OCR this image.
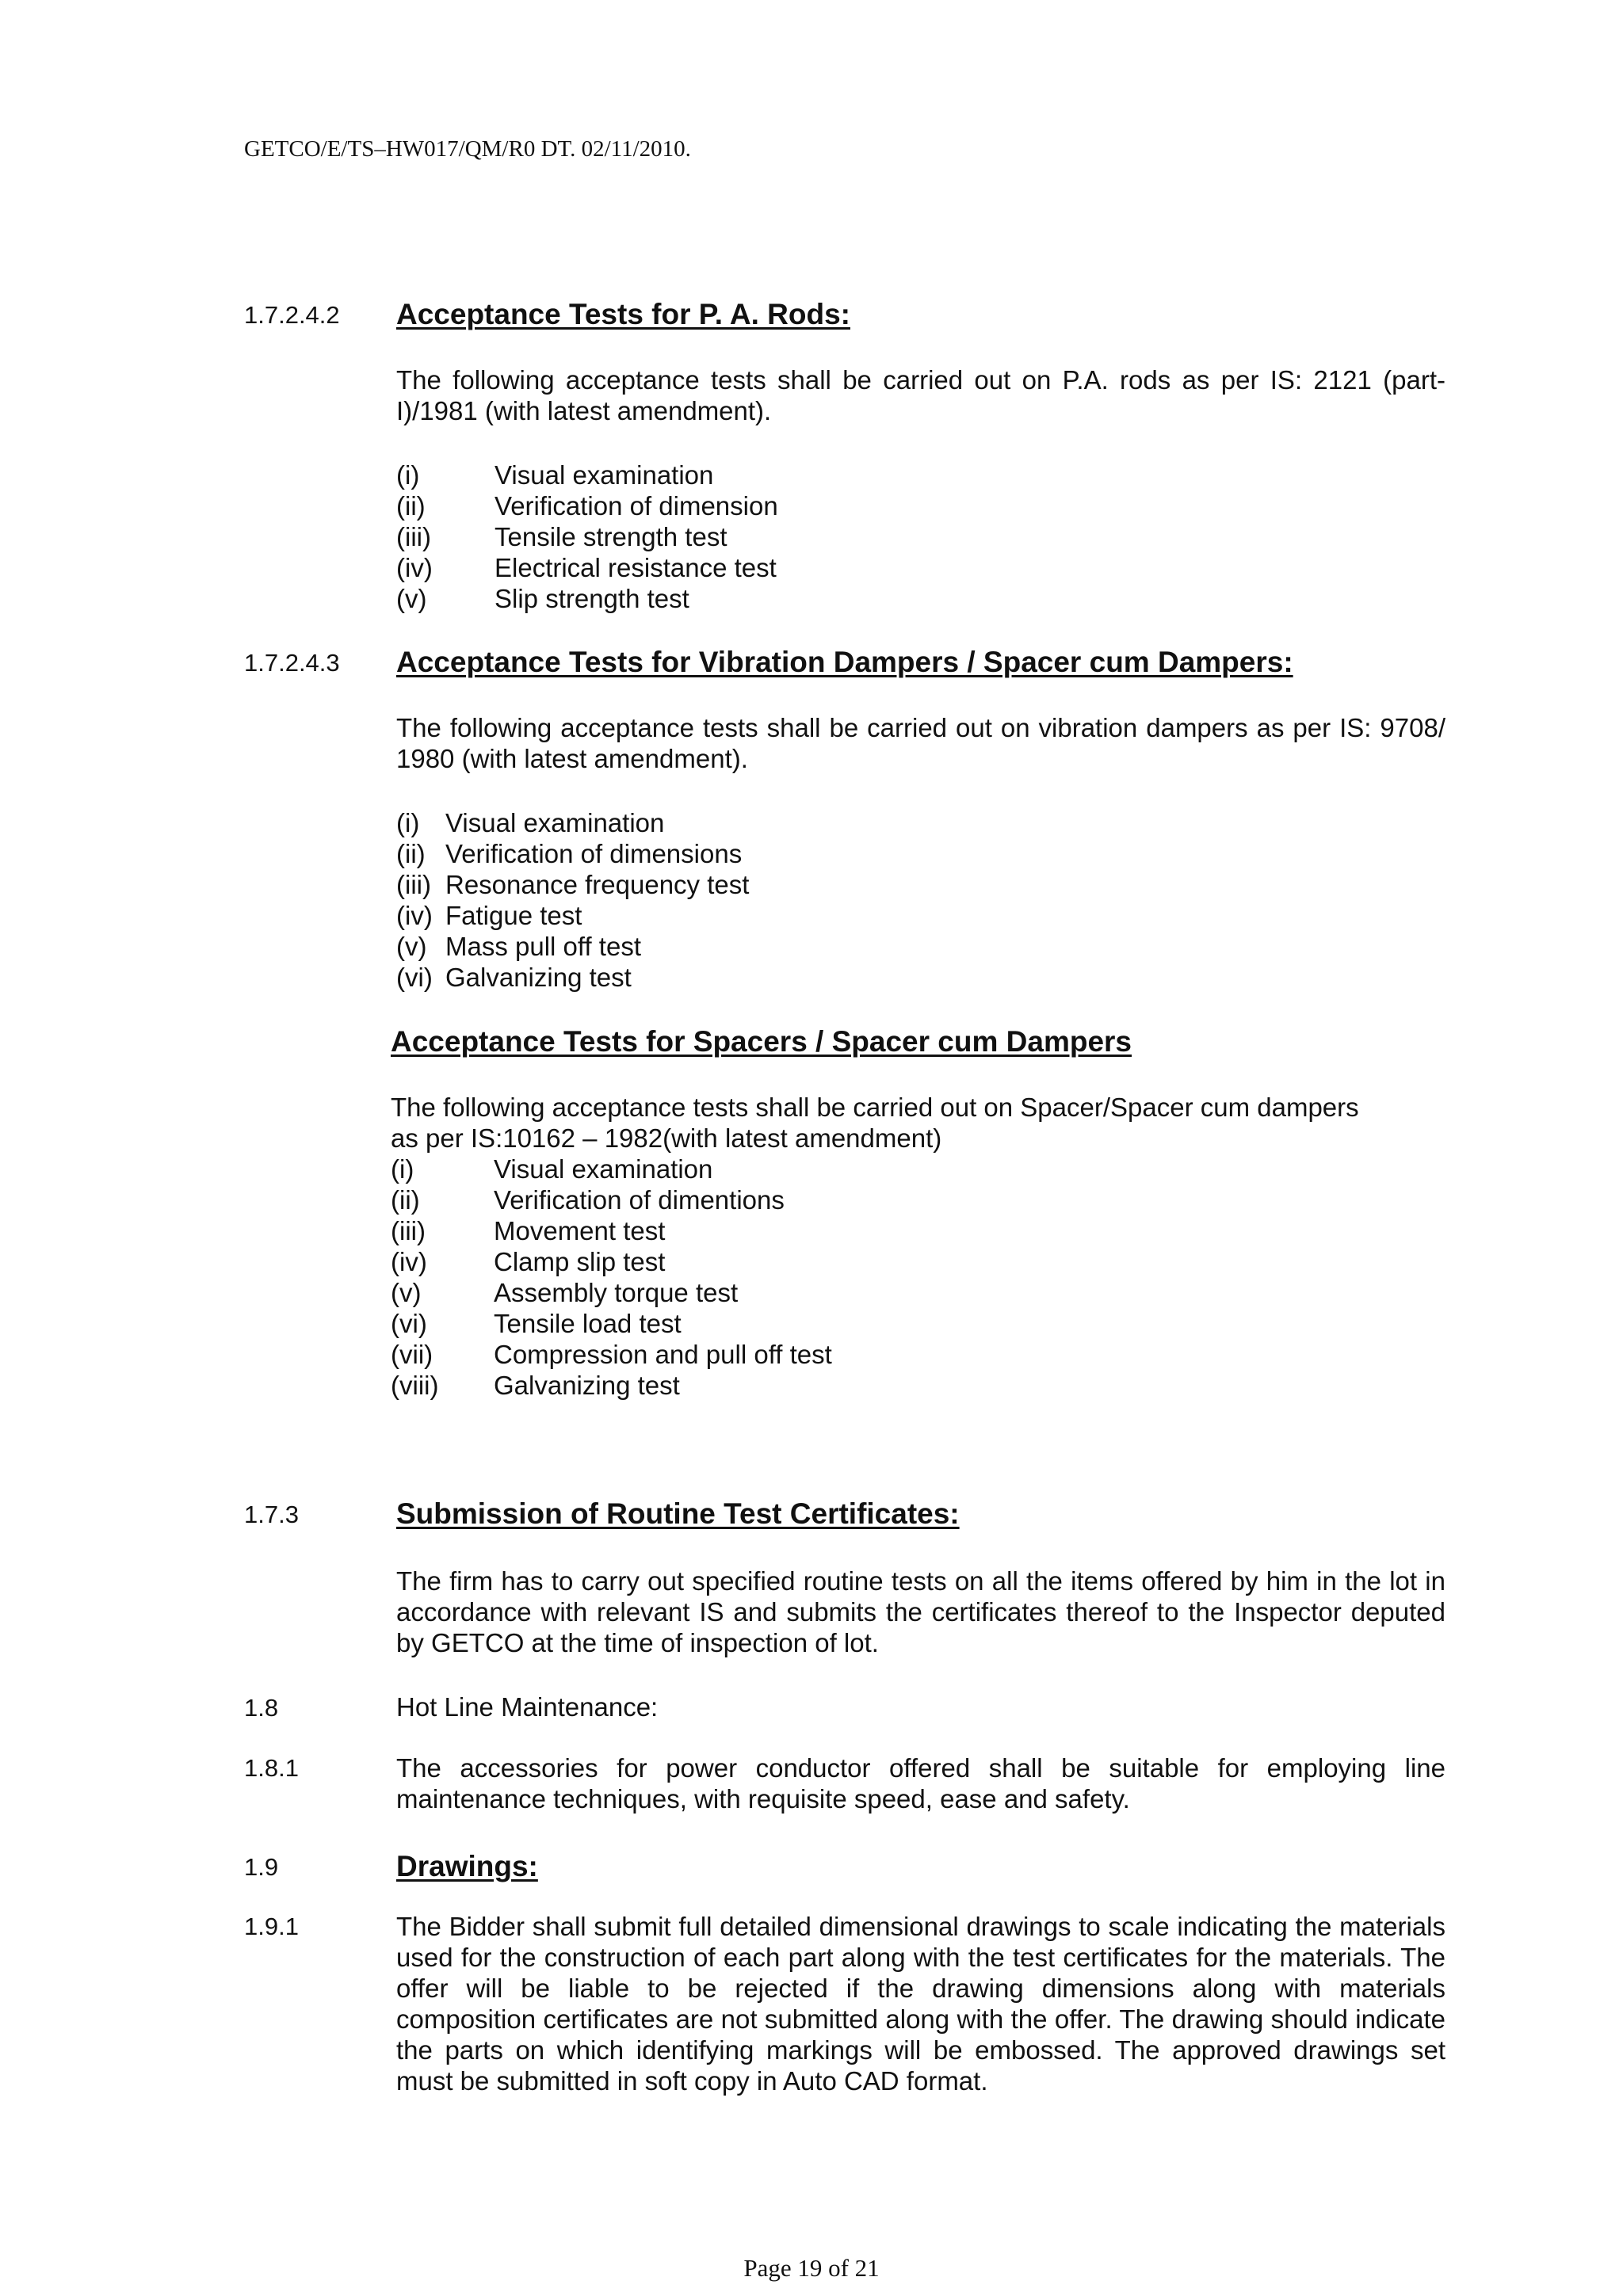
GETCO/E/TS–HW017/QM/R0 DT. 02/11/2010.
1.7.2.4.2 Acceptance Tests for P. A. Rods:
The following acceptance tests shall be carried out on P.A. rods as per IS: 2121 (part-I)/1981 (with latest amendment).
(i)	Visual examination
(ii)	Verification of dimension
(iii) Tensile strength test
(iv) Electrical resistance test
(v)	Slip strength test
1.7.2.4.3 Acceptance Tests for Vibration Dampers / Spacer cum Dampers:
The following acceptance tests shall be carried out on vibration dampers as per IS: 9708/ 1980 (with latest amendment).
(i) Visual examination
(ii) Verification of dimensions
(iii) Resonance frequency test
(iv) Fatigue test
(v) Mass pull off test
(vi) Galvanizing test
Acceptance Tests for Spacers / Spacer cum Dampers
The following acceptance tests shall be carried out on Spacer/Spacer cum dampers
as per IS:10162 – 1982(with latest amendment)
(i)	Visual examination
(ii)	Verification of dimentions
(iii)	Movement test
(iv)	Clamp slip test
(v)	Assembly torque test
(vi)	Tensile load test
(vii) Compression and pull off test
(viii) Galvanizing test
1.7.3	Submission of Routine Test Certificates:
The firm has to carry out specified routine tests on all the items offered by him in the lot in accordance with relevant IS and submits the certificates thereof to the Inspector deputed by GETCO at the time of inspection of lot.
1.8	Hot Line Maintenance:
1.8.1	The accessories for power conductor offered shall be suitable for employing line maintenance techniques, with requisite speed, ease and safety.
1.9	Drawings:
1.9.1	The Bidder shall submit full detailed dimensional drawings to scale indicating the materials used for the construction of each part along with the test certificates for the materials. The offer will be liable to be rejected if the drawing dimensions along with materials composition certificates are not submitted along with the offer. The drawing should indicate the parts on which identifying markings will be embossed. The approved drawings set must be submitted in soft copy in Auto CAD format.
Page 19 of 21
